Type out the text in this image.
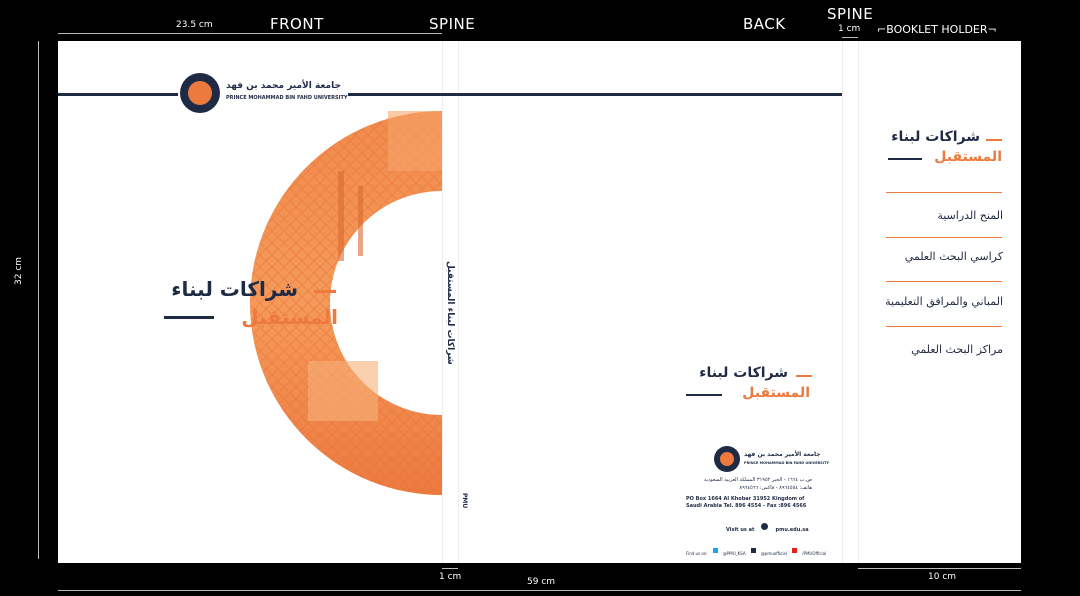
FRONT	SPINE	BACK
SPINE
⌐BOOKLET HOLDER¬
23.5 cm	1 cm
32 cm
1 cm	59 cm	10 cm
جامعة الأمير محمد بن فهد
PRINCE MOHAMMAD BIN FAHD UNIVERSITY
شراكات لبناء
المستقبل	شراكات لبناء المستقبل
PMU
شراكات لبناء
المستقبل
جامعة الأمير محمد بن فهد
PRINCE MOHAMMAD BIN FAHD UNIVERSITY
ص.ب ١٦٦٤ - الخبر ٣١٩٥٢ المملكة العربية السعودية
هاتف: ٨٩٦٤٥٥٤ - فاكس: ٨٩٦٤٥٦٦
PO Box 1664 Al Khobar 31952 Kingdom of
Saudi Arabia Tel. 896 4554 - Fax :896 4566
Visit us at	pmu.edu.sa
Find us on:	@PMU_KSA	@pmuofficial	/PMUOfficial
شراكات لبناء
المستقبل
المنح الدراسية
كراسي البحث العلمي
المباني والمرافق التعليمية
مراكز البحث العلمي
